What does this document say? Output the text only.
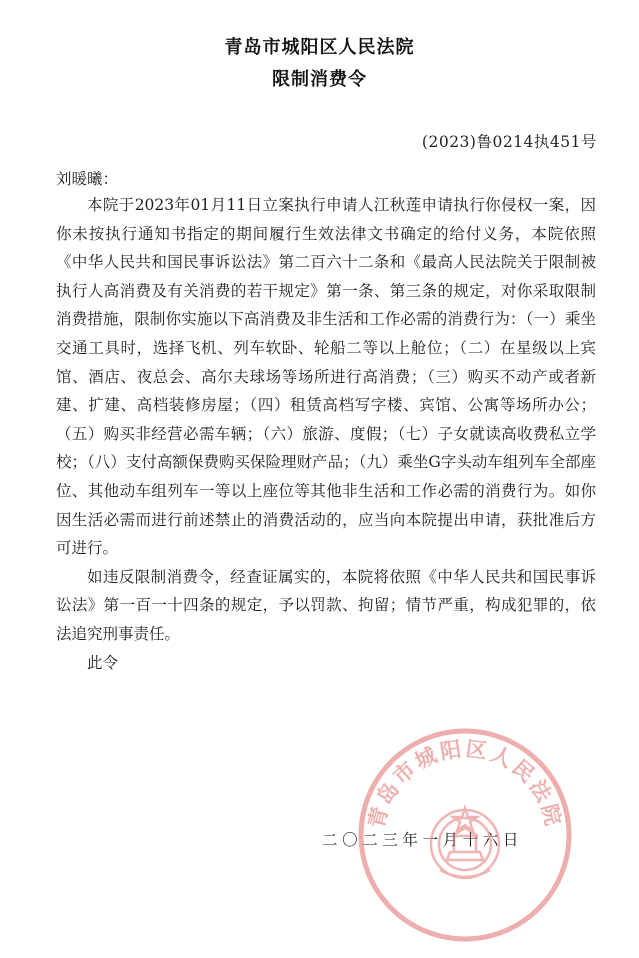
青岛市城阳区人民法院
限制消费令
(2023)鲁0214执451号
刘暖曦：

本院于2023年01月11日立案执行申请人江秋莲申请执行你侵权一案，因你未按执行通知书指定的期间履行生效法律文书确定的给付义务，本院依照《中华人民共和国民事诉讼法》第二百六十二条和《最高人民法院关于限制被执行人高消费及有关消费的若干规定》第一条、第三条的规定，对你采取限制消费措施，限制你实施以下高消费及非生活和工作必需的消费行为：（一）乘坐交通工具时，选择飞机、列车软卧、轮船二等以上舱位；（二）在星级以上宾馆、酒店、夜总会、高尔夫球场等场所进行高消费；（三）购买不动产或者新建、扩建、高档装修房屋；（四）租赁高档写字楼、宾馆、公寓等场所办公；（五）购买非经营必需车辆；（六）旅游、度假；（七）子女就读高收费私立学校；（八）支付高额保费购买保险理财产品；（九）乘坐G字头动车组列车全部座位、其他动车组列车一等以上座位等其他非生活和工作必需的消费行为。如你因生活必需而进行前述禁止的消费活动的，应当向本院提出申请，获批准后方可进行。

如违反限制消费令，经查证属实的，本院将依照《中华人民共和国民事诉讼法》第一百一十四条的规定，予以罚款、拘留；情节严重，构成犯罪的，依法追究刑事责任。

此令

二〇二三年一月十六日
青岛市城阳区人民法院
